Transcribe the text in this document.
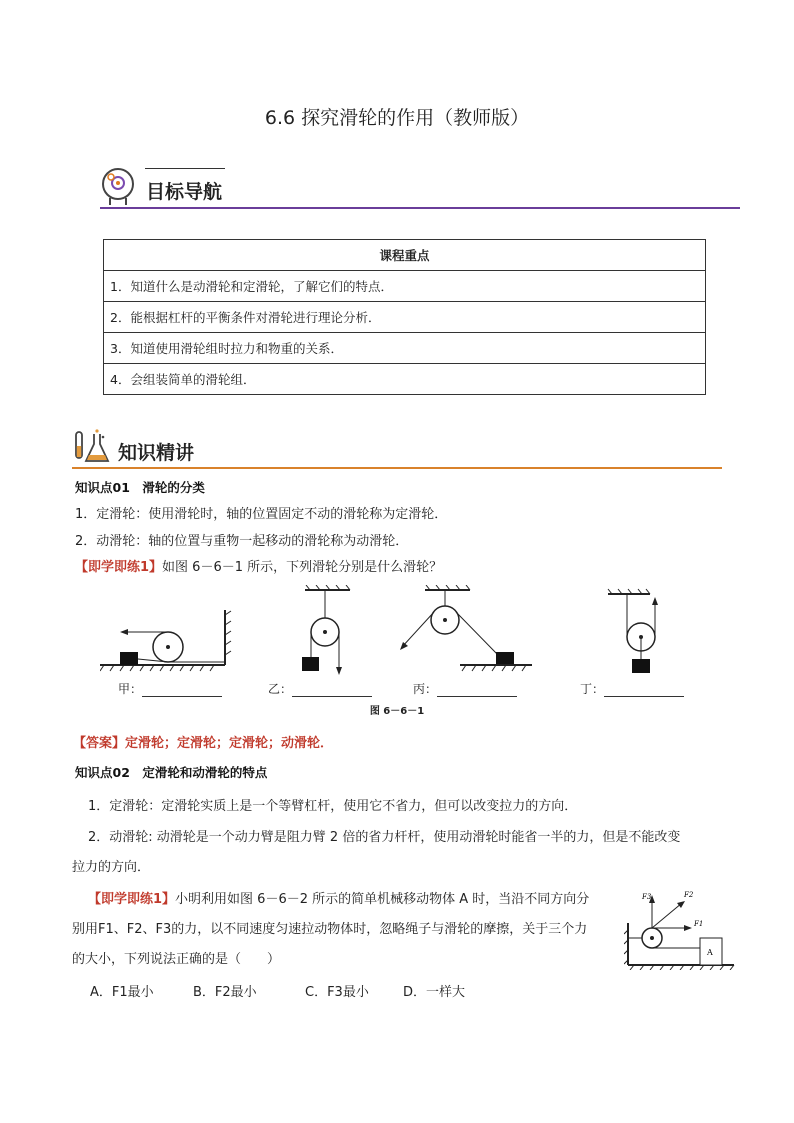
6.6 探究滑轮的作用（教师版）
目标导航
课程重点
1．知道什么是动滑轮和定滑轮，了解它们的特点．
2．能根据杠杆的平衡条件对滑轮进行理论分析．
3．知道使用滑轮组时拉力和物重的关系．
4．会组装简单的滑轮组．
知识精讲
知识点01　滑轮的分类
1．定滑轮：使用滑轮时，轴的位置固定不动的滑轮称为定滑轮．
2．动滑轮：轴的位置与重物一起移动的滑轮称为动滑轮．
【即学即练1】如图 6－6－1 所示，下列滑轮分别是什么滑轮？
甲：	乙：	丙：	丁：
图 6－6－1
【答案】定滑轮；定滑轮；定滑轮；动滑轮．
知识点02　定滑轮和动滑轮的特点
1．定滑轮：定滑轮实质上是一个等臂杠杆，使用它不省力，但可以改变拉力的方向．
2．动滑轮: 动滑轮是一个动力臂是阻力臂 2 倍的省力杆杆，使用动滑轮时能省一半的力，但是不能改变
拉力的方向．
【即学即练1】小明利用如图 6－6－2 所示的简单机械移动物体 A 时，当沿不同方向分
别用F1、F2、F3的力，以不同速度匀速拉动物体时，忽略绳子与滑轮的摩擦，关于三个力
的大小，下列说法正确的是（　　）
A．F1最小	B．F2最小	C．F3最小	D．一样大
F3	F2
F1
A
